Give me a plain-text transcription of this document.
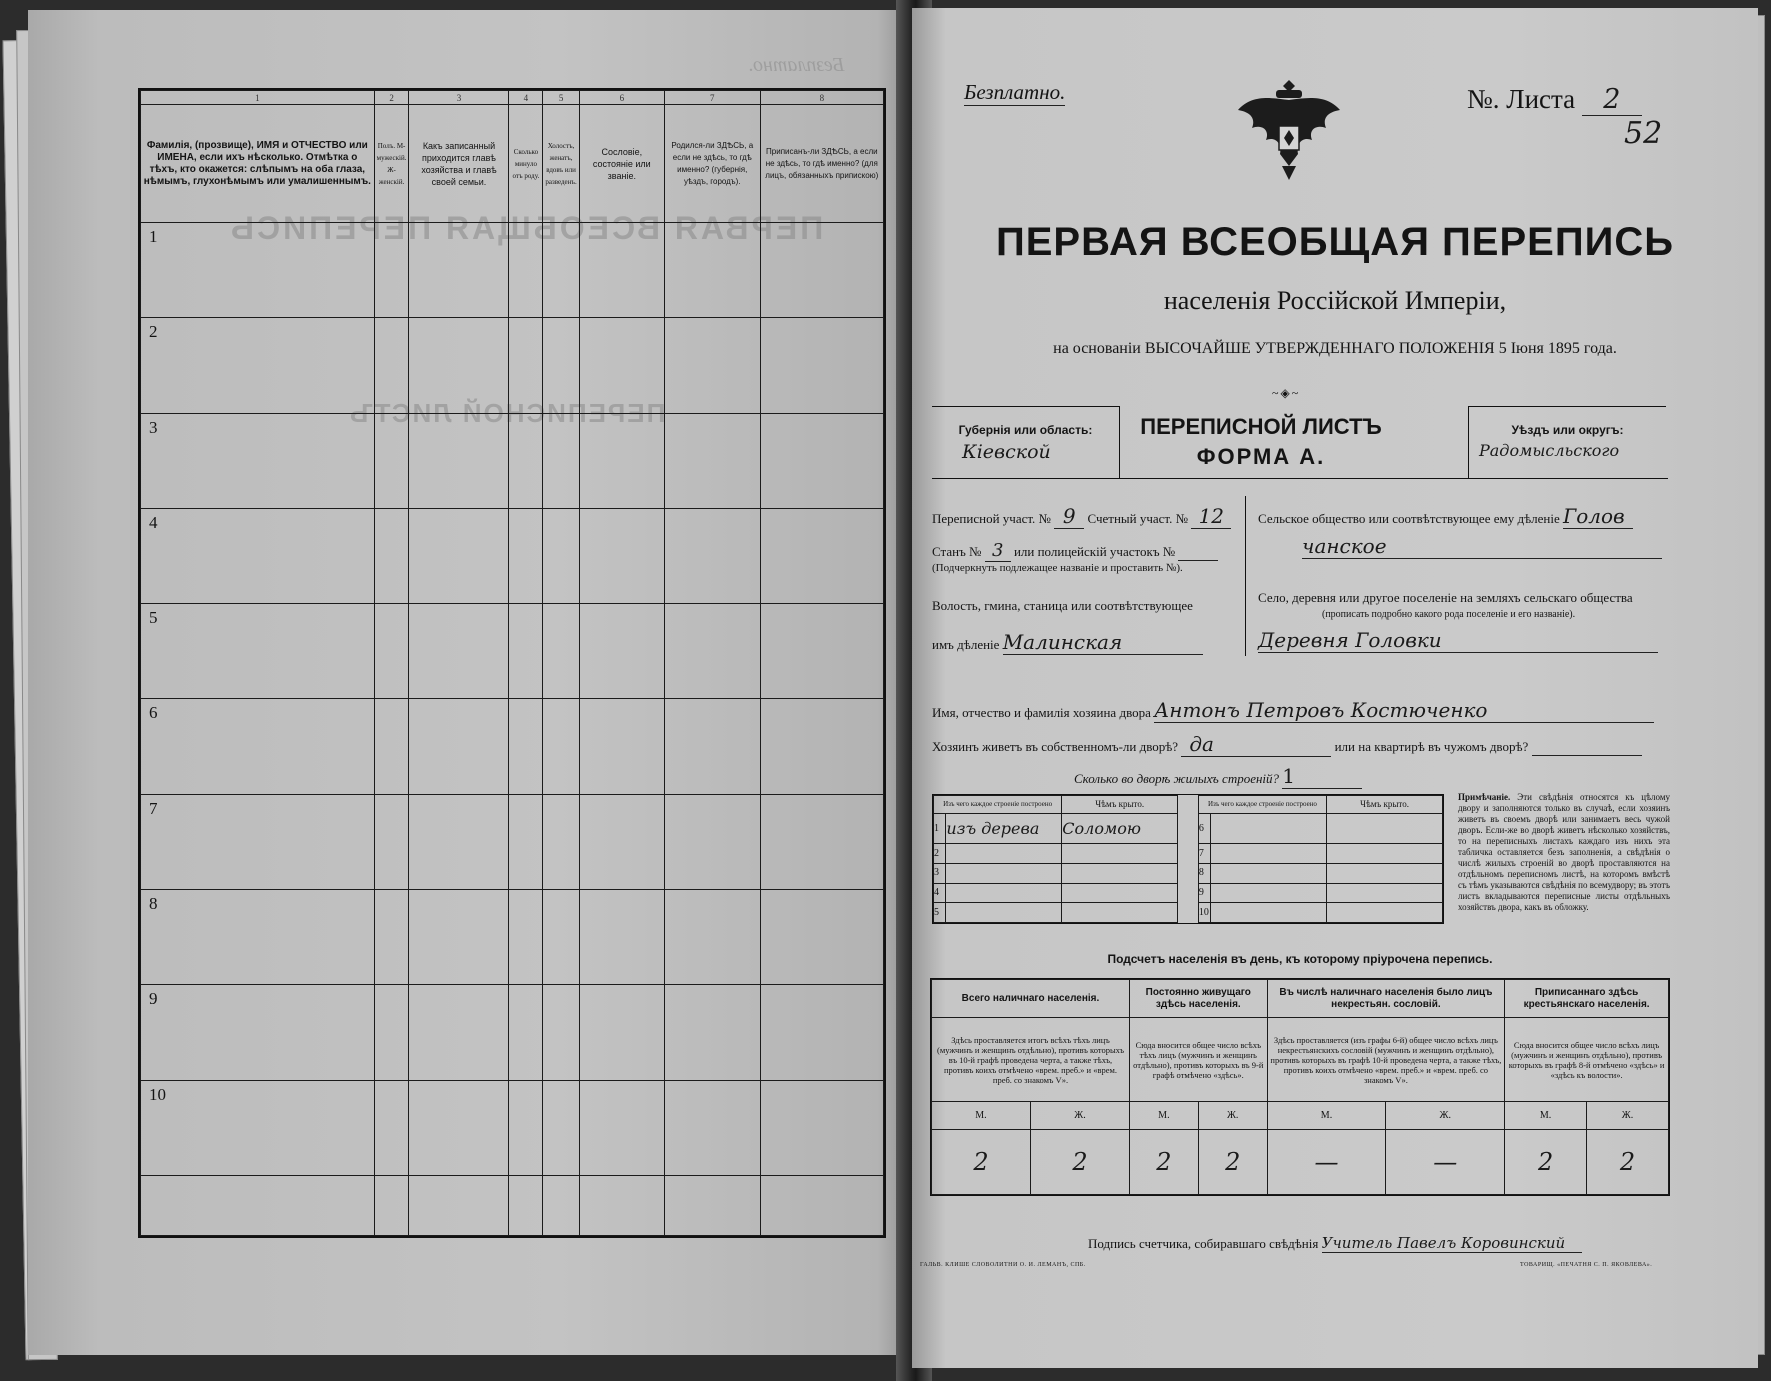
Безплатно.
ПЕРВАЯ ВСЕОБЩАЯ ПЕРЕПИСЬ
ПЕРЕПИСНОЙ ЛИСТЪ
1	2	3	4	5	6	7	8
Фамилія, (прозвище), ИМЯ и ОТЧЕСТВО или ИМЕНА, если ихъ нѣсколько. Отмѣтка о тѣхъ, кто окажется: слѣпымъ на оба глаза, нѣмымъ, глухонѣмымъ или умалишеннымъ.	Полъ. М-мужескій. Ж-женскій.	Какъ записанный приходится главѣ хозяйства и главѣ своей семьи.	Сколько минуло отъ роду.	Холостъ, женатъ, вдовъ или разведенъ.	Сословіе, состояніе или званіе.	Родился-ли ЗДѢСЬ, а если не здѣсь, то гдѣ именно? (губернія, уѣздъ, городъ).	Приписанъ-ли ЗДѢСЬ, а если не здѣсь, то гдѣ именно? (для лицъ, обязанныхъ припискою)
1							
2							
3							
4							
5							
6							
7							
8							
9							
10							

Безплатно.	№. Листа 2
52
ПЕРВАЯ ВСЕОБЩАЯ ПЕРЕПИСЬ
населенія Россійской Имперіи,
на основаніи ВЫСОЧАЙШЕ УТВЕРЖДЕННАГО ПОЛОЖЕНІЯ 5 Іюня 1895 года.
~◈~
Губернія или область:
Кіевской
ПЕРЕПИСНОЙ ЛИСТЪ
ФОРМА А.
Уѣздъ или округъ:
Радомысльского
Переписной участ. № 9 Счетный участ. № 12
Станъ № 3 или полицейскій участокъ №
(Подчеркнуть подлежащее названіе и проставить №).
Волость, гмина, станица или соотвѣтствующее
имъ дѣленіе Малинская
Сельское общество или соотвѣтствующее ему дѣленіе Голов
чанское
Село, деревня или другое поселеніе на земляхъ сельскаго общества
(прописать подробно какого рода поселеніе и его названіе).
Деревня Головки
Имя, отчество и фамилія хозяина двора Антонъ Петровъ Костюченко
Хозяинъ живетъ въ собственномъ-ли дворѣ? да	или на квартирѣ въ чужомъ дворѣ?
Сколько во дворѣ жилыхъ строеній? 1
Изъ чего каждое строеніе построено		Чѣмъ крыто.		Изъ чего каждое строеніе построено		Чѣмъ крыто.
1	изъ дерева	Соломою		6		
2				7		
3				8		
4				9		
5				10		
Примѣчаніе. Эти свѣдѣнія относятся къ цѣлому двору и заполняются только въ случаѣ, если хозяинъ живетъ въ своемъ дворѣ или занимаетъ весь чужой дворъ. Если-же во дворѣ живетъ нѣсколько хозяйствъ, то на переписныхъ листахъ каждаго изъ нихъ эта табличка оставляется безъ заполненія, а свѣдѣнія о числѣ жилыхъ строеній во дворѣ проставляются на отдѣльномъ переписномъ листѣ, на которомъ вмѣстѣ съ тѣмъ указываются свѣдѣнія по всемудвору; въ этотъ листъ вкладываются переписные листы отдѣльныхъ хозяйствъ двора, какъ въ обложку.
Подсчетъ населенія въ день, къ которому пріурочена перепись.
Всего наличнаго населенія.		Постоянно живущаго здѣсь населенія.		Въ числѣ наличнаго населенія было лицъ некрестьян. сословій.		Приписаннаго здѣсь крестьянскаго населенія.	
Здѣсь проставляется итогъ всѣхъ тѣхъ лицъ (мужчинъ и женщинъ отдѣльно), противъ которыхъ въ 10-й графѣ проведена черта, а также тѣхъ, противъ коихъ отмѣчено «врем. преб.» и «врем. преб. со знакомъ V».		Сюда вносится общее число всѣхъ тѣхъ лицъ (мужчинъ и женщинъ отдѣльно), противъ которыхъ въ 9-й графѣ отмѣчено «здѣсь».		Здѣсь проставляется (изъ графы 6-й) общее число всѣхъ лицъ некрестьянскихъ сословій (мужчинъ и женщинъ отдѣльно), противъ которыхъ въ графѣ 10-й проведена черта, а также тѣхъ, противъ коихъ отмѣчено «врем. преб.» и «врем. преб. со знакомъ V».		Сюда вносится общее число всѣхъ лицъ (мужчинъ и женщинъ отдѣльно), противъ которыхъ въ графѣ 8-й отмѣчено «здѣсь» и «здѣсь къ волости».	
М.	Ж.	М.	Ж.	М.	Ж.	М.	Ж.
2	2	2	2	—	—	2	2
Подпись счетчика, собиравшаго свѣдѣнія Учитель Павелъ Коровинский
ГАЛЬВ. КЛИШЕ СЛОВОЛИТНИ О. И. ЛЕМАНЪ, СПБ.	ТОВАРИЩ. «ПЕЧАТНЯ С. П. ЯКОВЛЕВА».
